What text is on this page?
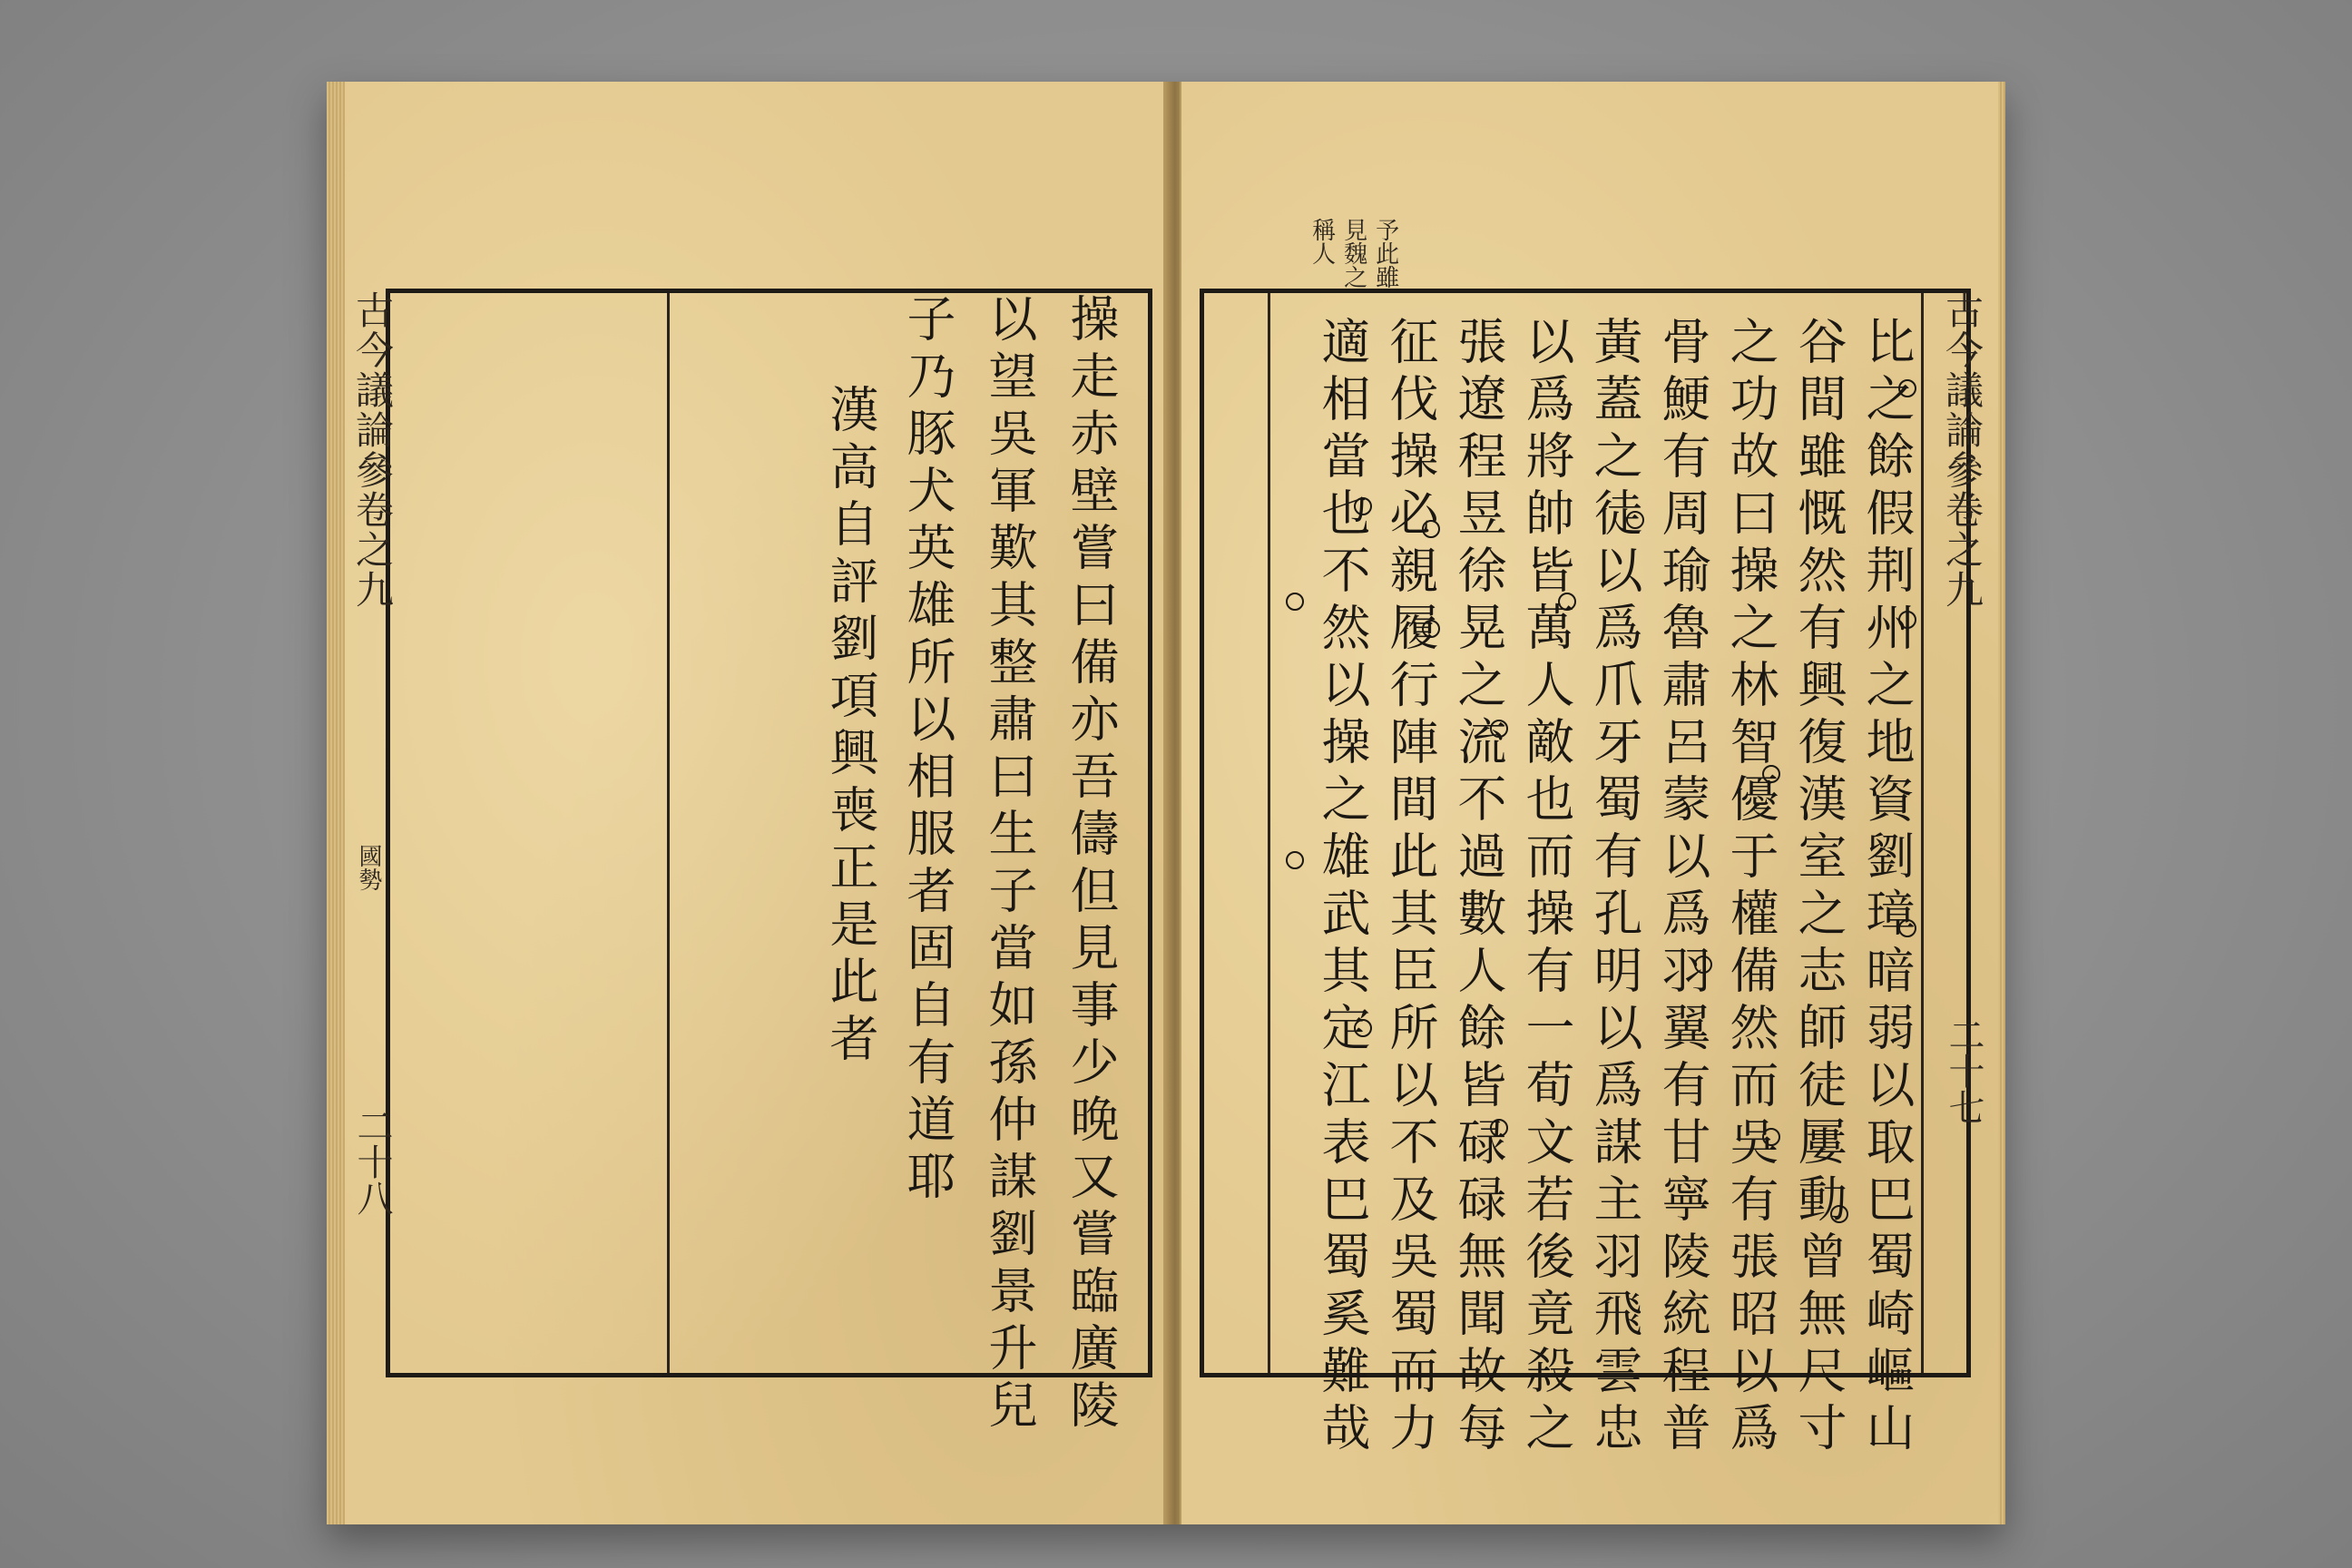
操走赤壁嘗曰備亦吾儔但見事少晚又嘗臨廣陵
以望吳軍歎其整肅曰生子當如孫仲謀劉景升兒
子乃豚犬英雄所以相服者固自有道耶
漢高自評劉項興喪正是此者
古今議論參卷之九
國勢
二十八
稱人 見魏之 予此雖
比之餘假荆州之地資劉璋暗弱以取巴蜀崎嶇山
谷間雖慨然有興復漢室之志師徒屢動曾無尺寸
之功故曰操之林智優于權備然而吳有張昭以爲
骨鯁有周瑜魯肅呂蒙以爲羽翼有甘寧陵統程普
黃蓋之徒以爲爪牙蜀有孔明以爲謀主羽飛雲忠
以爲將帥皆萬人敵也而操有一荀文若後竟殺之
張遼程昱徐晃之流不過數人餘皆碌碌無聞故每
征伐操必親履行陣間此其臣所以不及吳蜀而力
適相當也不然以操之雄武其定江表巴蜀奚難哉	古今議論參卷之九
二十七
